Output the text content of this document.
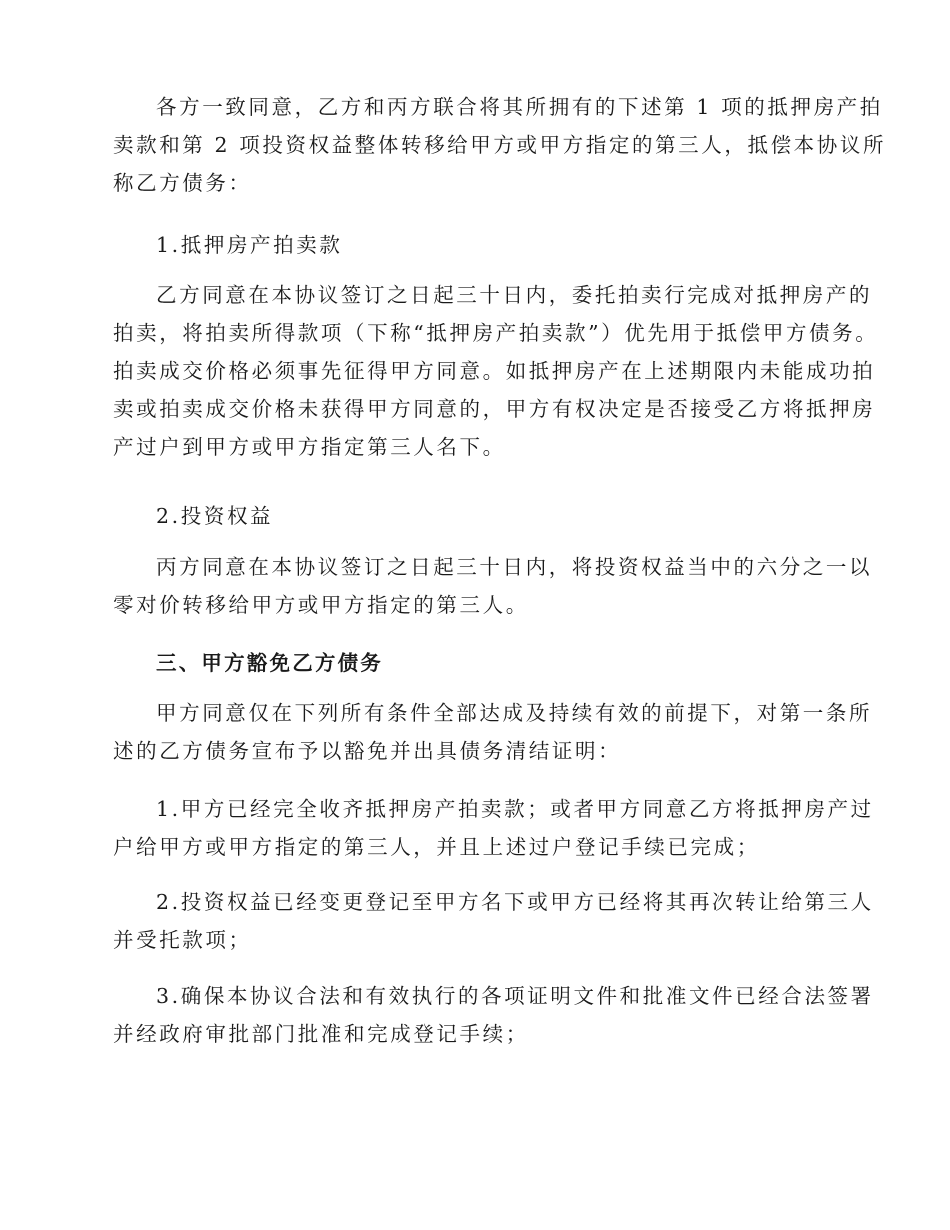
各方一致同意，乙方和丙方联合将其所拥有的下述第 1 项的抵押房产拍
卖款和第 2 项投资权益整体转移给甲方或甲方指定的第三人，抵偿本协议所
称乙方债务：
1.抵押房产拍卖款
乙方同意在本协议签订之日起三十日内，委托拍卖行完成对抵押房产的
拍卖，将拍卖所得款项（下称“抵押房产拍卖款”）优先用于抵偿甲方债务。
拍卖成交价格必须事先征得甲方同意。如抵押房产在上述期限内未能成功拍
卖或拍卖成交价格未获得甲方同意的，甲方有权决定是否接受乙方将抵押房
产过户到甲方或甲方指定第三人名下。
2.投资权益
丙方同意在本协议签订之日起三十日内，将投资权益当中的六分之一以
零对价转移给甲方或甲方指定的第三人。
三、甲方豁免乙方债务
甲方同意仅在下列所有条件全部达成及持续有效的前提下，对第一条所
述的乙方债务宣布予以豁免并出具债务清结证明：
1.甲方已经完全收齐抵押房产拍卖款；或者甲方同意乙方将抵押房产过
户给甲方或甲方指定的第三人，并且上述过户登记手续已完成；
2.投资权益已经变更登记至甲方名下或甲方已经将其再次转让给第三人
并受托款项；
3.确保本协议合法和有效执行的各项证明文件和批准文件已经合法签署
并经政府审批部门批准和完成登记手续；
